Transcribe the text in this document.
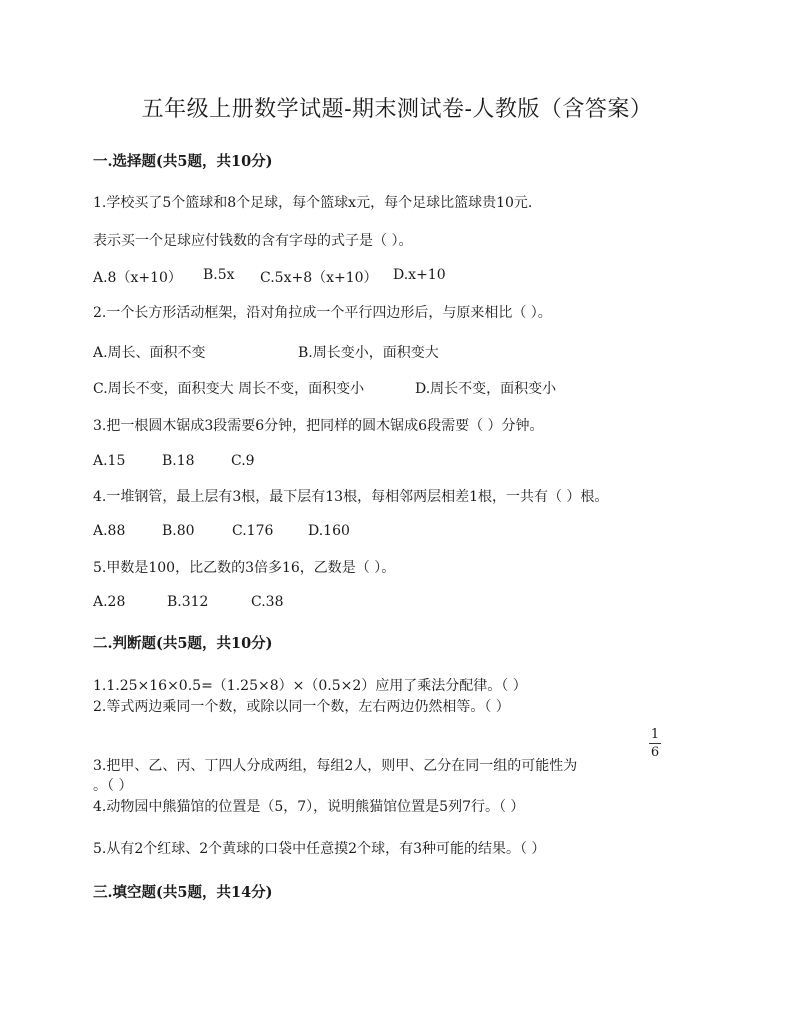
五年级上册数学试题-期末测试卷-人教版（含答案）
一.选择题(共5题，共10分)
1.学校买了5个篮球和8个足球，每个篮球x元，每个足球比篮球贵10元.
表示买一个足球应付钱数的含有字母的式子是（ ）。
A.8（x+10） B.5x C.5x+8（x+10） D.x+10
2.一个长方形活动框架，沿对角拉成一个平行四边形后，与原来相比（ ）。
A.周长、面积不变	B.周长变小，面积变大
C.周长不变，面积变大 周长不变，面积变小	D.周长不变，面积变小
3.把一根圆木锯成3段需要6分钟，把同样的圆木锯成6段需要（ ）分钟。
A.15	B.18	C.9
4.一堆钢管，最上层有3根，最下层有13根，每相邻两层相差1根，一共有（ ）根。
A.88	B.80	C.176 D.160
5.甲数是100，比乙数的3倍多16，乙数是（ ）。
A.28	B.312	C.38
二.判断题(共5题，共10分)
1.1.25×16×0.5=（1.25×8）×（0.5×2）应用了乘法分配律。（ ）
2.等式两边乘同一个数，或除以同一个数，左右两边仍然相等。（ ）
1
6
3.把甲、乙、丙、丁四人分成两组，每组2人，则甲、乙分在同一组的可能性为
。（ ）
4.动物园中熊猫馆的位置是（5，7），说明熊猫馆位置是5列7行。（ ）
5.从有2个红球、2个黄球的口袋中任意摸2个球，有3种可能的结果。（ ）
三.填空题(共5题，共14分)
